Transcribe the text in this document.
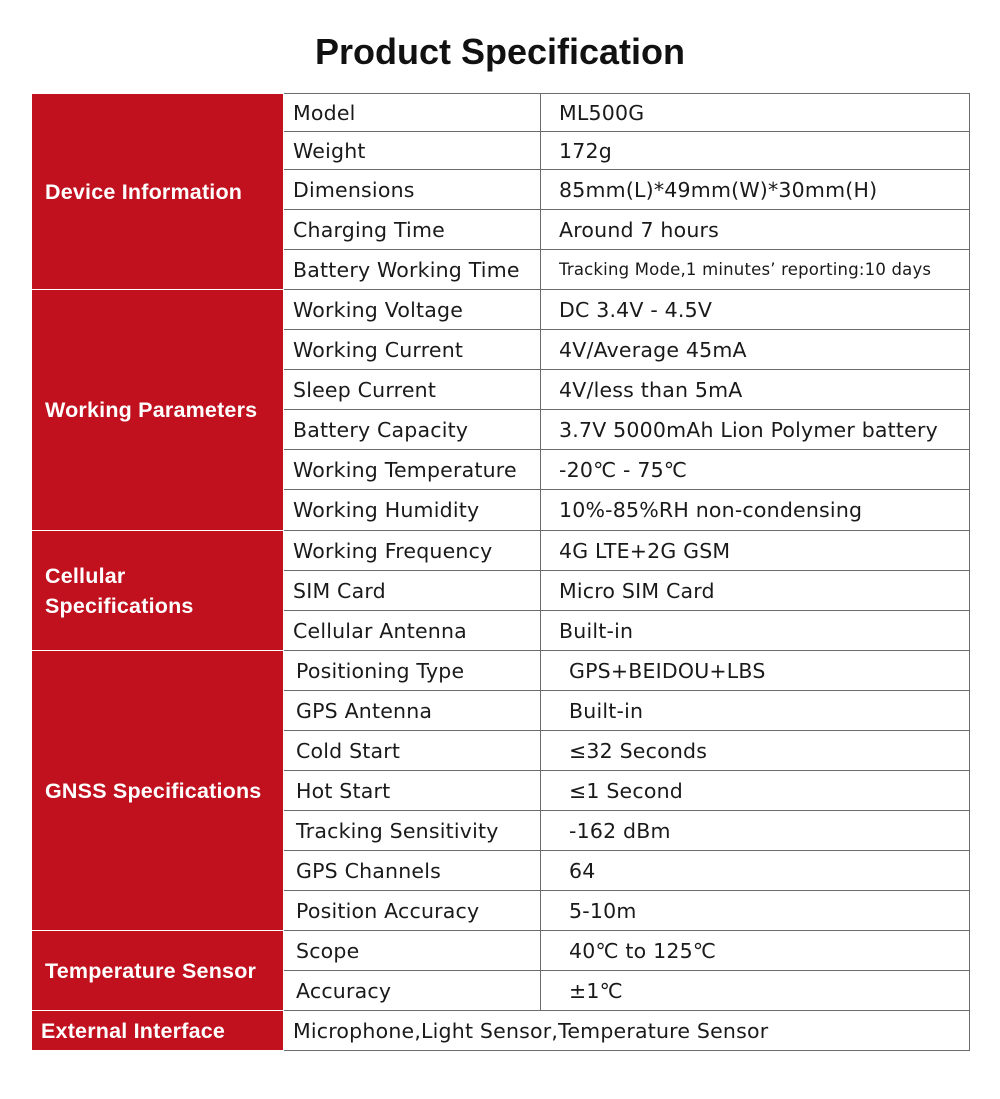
Product Specification
Device Information	Model	ML500G
	Weight	172g
	Dimensions	85mm(L)*49mm(W)*30mm(H)
	Charging Time	Around 7 hours
	Battery Working Time	Tracking Mode,1 minutes’ reporting:10 days
Working Parameters	Working Voltage	DC 3.4V - 4.5V
	Working Current	4V/Average 45mA
	Sleep Current	4V/less than 5mA
	Battery Capacity	3.7V 5000mAh Lion Polymer battery
	Working Temperature	-20℃ - 75℃
	Working Humidity	10%-85%RH non-condensing

Cellular
Specifications	Working Frequency	4G LTE+2G GSM
	SIM Card	Micro SIM Card
	Cellular Antenna	Built-in
GNSS Specifications	Positioning Type	GPS+BEIDOU+LBS
	GPS Antenna	Built-in
	Cold Start	≤32 Seconds
	Hot Start	≤1 Second
	Tracking Sensitivity	-162 dBm
	GPS Channels	64
	Position Accuracy	5-10m
Temperature Sensor	Scope	40℃ to 125℃
	Accuracy	±1℃
External Interface	Microphone,Light Sensor,Temperature Sensor	
